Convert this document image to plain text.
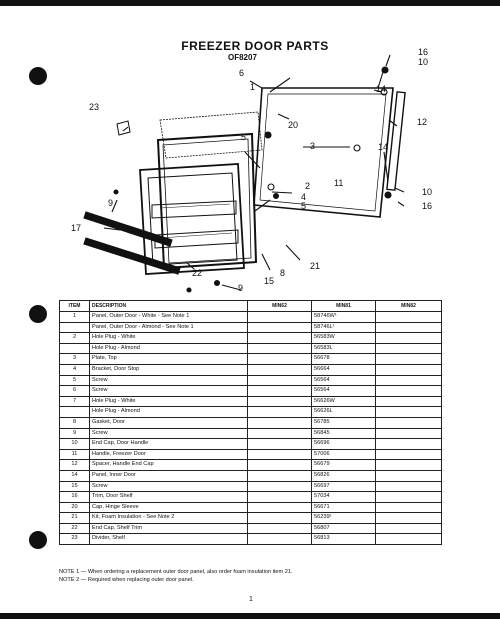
FREEZER DOOR PARTS
OF8207
6
1
16
10
14
20
23
12
5
3	14
2
4
5
10
16
9
17
21
8
22
15
9
11
ITEM	DESCRIPTION	MIN62	MIN81	MIN82
1	Panel, Outer Door - White - See Note 1		58746W¹	
	Panel, Outer Door - Almond - See Note 1		58746L¹	
2	Hole Plug - White		56583W	
	Hole Plug - Almond		56583L	
3	Plate, Top		56678	
4	Bracket, Door Stop		56664	
5	Screw		56564	
6	Screw		56564	
7	Hole Plug - White		56626W	
	Hole Plug - Almond		56626L	
8	Gasket, Door		56785	
9	Screw		56845	
10	End Cap, Door Handle		56696	
11	Handle, Freezer Door		57006	
12	Spacer, Handle End Cap		56679	
14	Panel, Inner Door		56826	
15	Screw		56697	
16	Trim, Door Shelf		57034	
20	Cap, Hinge Sleeve		56671	
21	Kit, Foam Insulation - See Note 2		56239²	
22	End Cap, Shelf Trim		56807	
23	Divider, Shelf		56813	
NOTE 1 — When ordering a replacement outer door panel, also order foam insulation item 21.
NOTE 2 — Required when replacing outer door panel.
1
